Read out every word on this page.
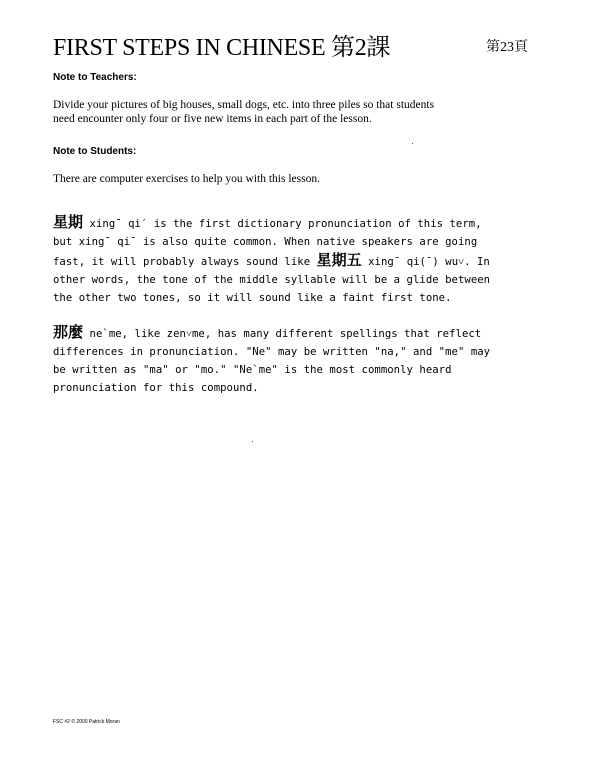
FIRST STEPS IN CHINESE 第2課	第23頁
Note to Teachers:
Divide your pictures of big houses, small dogs, etc. into three piles so that students
need encounter only four or five new items in each part of the lesson.
Note to Students:
There are computer exercises to help you with this lesson.
星期 xing¯ qi′ is the first dictionary pronunciation of this term,
but xing¯ qi¯ is also quite common. When native speakers are going
fast, it will probably always sound like 星期五 xing¯ qi(¯) wu˅. In
other words, the tone of the middle syllable will be a glide between
the other two tones, so it will sound like a faint first tone.
那麼 ne`me, like zen˅me, has many different spellings that reflect
differences in pronunciation. "Ne" may be written "na," and "me" may
be written as "ma" or "mo." "Ne`me" is the most commonly heard
pronunciation for this compound.
FSC #2 © 2000 Patrick Moran
